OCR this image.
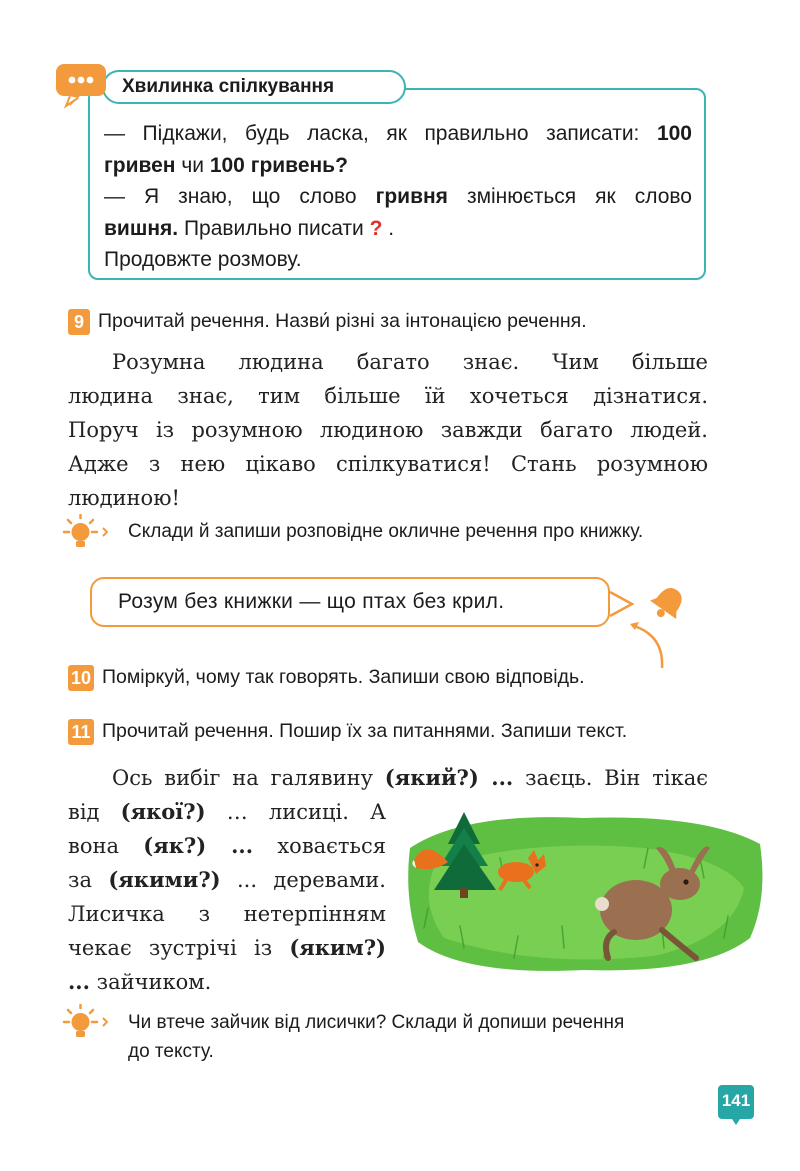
Хвилинка спілкування

— Підкажи, будь ласка, як правильно записати: 100

гривен чи 100 гривень?

— Я знаю, що слово гривня змінюється як слово

вишня. Правильно писати ? .

Продовжте розмову.

9 Прочитай речення. Назви́ різні за інтонацією речення.

Розумна людина багато знає. Чим більше

людина знає, тим більше їй хочеться дізнатися.

Поруч із розумною людиною завжди багато людей.

Адже з нею цікаво спілкуватися! Стань розумною

людиною!

Склади й запиши розповідне окличне речення про книжку.
Розум без книжки — що птах без крил.
10 Поміркуй, чому так говорять. Запиши свою відповідь.
11 Прочитай речення. Пошир їх за питаннями. Запиши текст.

Ось вибіг на галявину (який?) ... заєць. Він тікає

від (якої?) … лисиці. А

вона (як?) ... ховається

за (якими?) ... деревами.

Лисичка з нетерпінням

чекає зустрічі із (яким?)

... зайчиком.

Чи втече зайчик від лисички? Склади й допиши речення
до тексту.
141
